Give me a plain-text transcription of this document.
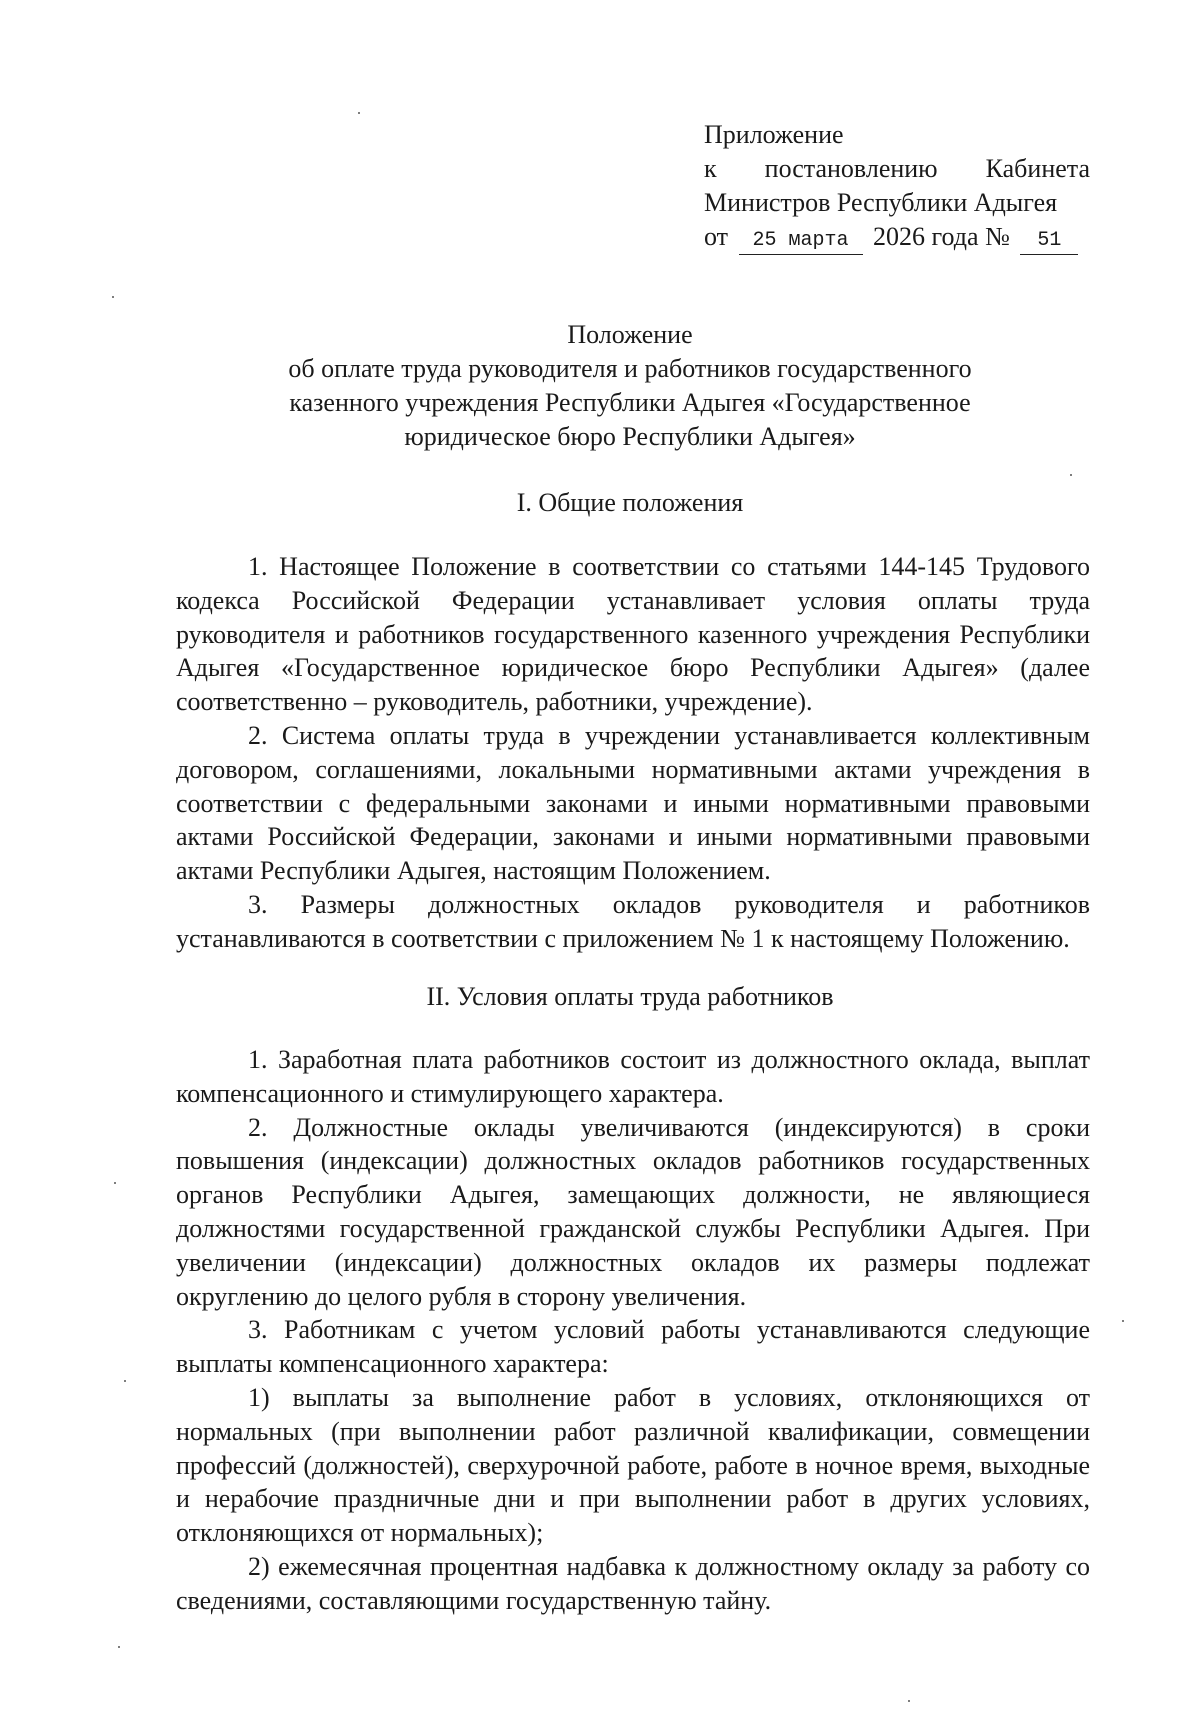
Приложение
к постановлению Кабинета
Министров Республики Адыгея
от 25 марта 2026 года № 51
Положение
об оплате труда руководителя и работников государственного
казенного учреждения Республики Адыгея «Государственное
юридическое бюро Республики Адыгея»
I. Общие положения

1. Настоящее Положение в соответствии со статьями 144-145 Трудового кодекса Российской Федерации устанавливает условия оплаты труда руководителя и работников государственного казенного учреждения Республики Адыгея «Государственное юридическое бюро Республики Адыгея» (далее соответственно – руководитель, работники, учреждение).

2. Система оплаты труда в учреждении устанавливается коллективным договором, соглашениями, локальными нормативными актами учреждения в соответствии с федеральными законами и иными нормативными правовыми актами Российской Федерации, законами и иными нормативными правовыми актами Республики Адыгея, настоящим Положением.

3. Размеры должностных окладов руководителя и работников устанавливаются в соответствии с приложением № 1 к настоящему Положению.

II. Условия оплаты труда работников

1. Заработная плата работников состоит из должностного оклада, выплат компенсационного и стимулирующего характера.

2. Должностные оклады увеличиваются (индексируются) в сроки повышения (индексации) должностных окладов работников государственных органов Республики Адыгея, замещающих должности, не являющиеся должностями государственной гражданской службы Республики Адыгея. При увеличении (индексации) должностных окладов их размеры подлежат округлению до целого рубля в сторону увеличения.

3. Работникам с учетом условий работы устанавливаются следующие выплаты компенсационного характера:

1) выплаты за выполнение работ в условиях, отклоняющихся от нормальных (при выполнении работ различной квалификации, совмещении профессий (должностей), сверхурочной работе, работе в ночное время, выходные и нерабочие праздничные дни и при выполнении работ в других условиях, отклоняющихся от нормальных);

2) ежемесячная процентная надбавка к должностному окладу за работу со сведениями, составляющими государственную тайну.
